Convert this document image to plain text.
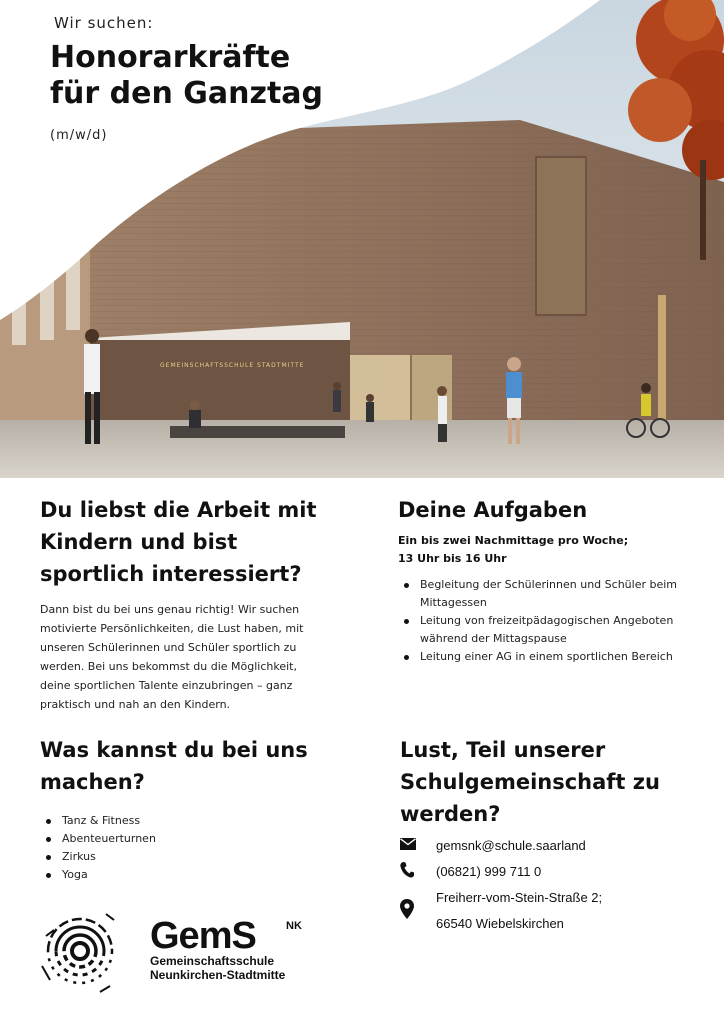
GEMEINSCHAFTSSCHULE STADTMITTE
Wir suchen:
Honorarkräfte
für den Ganztag
(m/w/d)
Du liebst die Arbeit mit
Kindern und bist
sportlich interessiert?
Dann bist du bei uns genau richtig! Wir suchen
motivierte Persönlichkeiten, die Lust haben, mit
unseren Schülerinnen und Schüler sportlich zu
werden. Bei uns bekommst du die Möglichkeit,
deine sportlichen Talente einzubringen – ganz
praktisch und nah an den Kindern.
Deine Aufgaben
Ein bis zwei Nachmittage pro Woche;
13 Uhr bis 16 Uhr
Begleitung der Schülerinnen und Schüler beim
Mittagessen
Leitung von freizeitpädagogischen Angeboten
während der Mittagspause
Leitung einer AG in einem sportlichen Bereich
Was kannst du bei uns
machen?
Tanz & Fitness
Abenteuerturnen
Zirkus
Yoga
Lust, Teil unserer
Schulgemeinschaft zu
werden?
gemsnk@schule.saarland
(06821) 999 711 0
Freiherr-vom-Stein-Straße 2;
66540 Wiebelskirchen
GemS	NK
Gemeinschaftsschule
Neunkirchen-Stadtmitte
